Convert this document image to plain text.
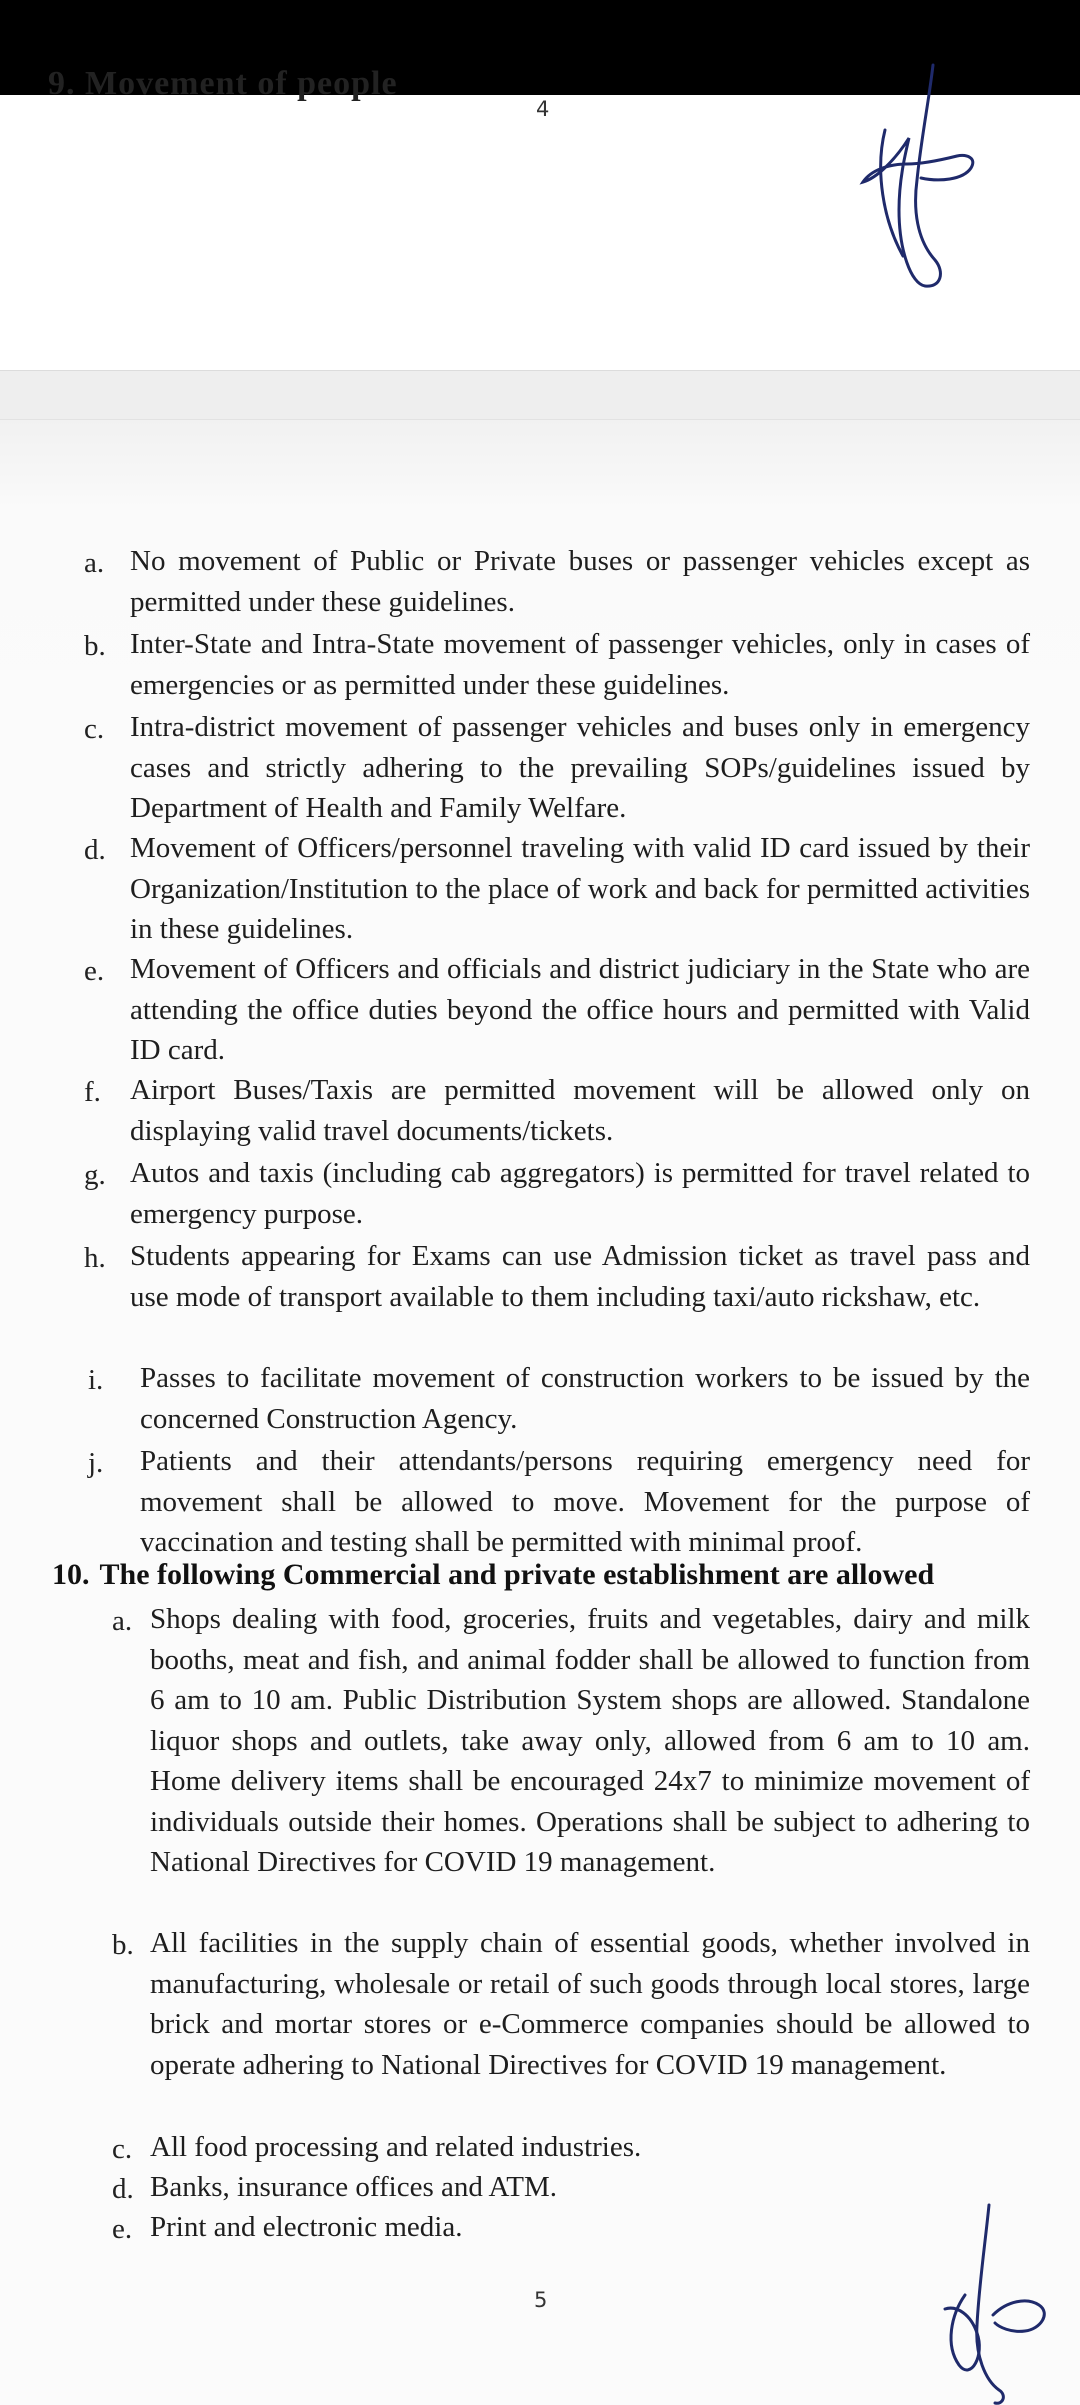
9. Movement of people
4
a. No movement of Public or Private buses or passenger vehicles except as permitted under these guidelines.
b. Inter-State and Intra-State movement of passenger vehicles, only in cases of emergencies or as permitted under these guidelines.
c. Intra-district movement of passenger vehicles and buses only in emergency cases and strictly adhering to the prevailing SOPs/guidelines issued by Department of Health and Family Welfare.
d. Movement of Officers/personnel traveling with valid ID card issued by their Organization/Institution to the place of work and back for permitted activities in these guidelines.
e. Movement of Officers and officials and district judiciary in the State who are attending the office duties beyond the office hours and permitted with Valid ID card.
f. Airport Buses/Taxis are permitted movement will be allowed only on displaying valid travel documents/tickets.
g. Autos and taxis (including cab aggregators) is permitted for travel related to emergency purpose.
h. Students appearing for Exams can use Admission ticket as travel pass and use mode of transport available to them including taxi/auto rickshaw, etc.
i. Passes to facilitate movement of construction workers to be issued by the concerned Construction Agency.
j. Patients and their attendants/persons requiring emergency need for movement shall be allowed to move. Movement for the purpose of vaccination and testing shall be permitted with minimal proof.
10. The following Commercial and private establishment are allowed
a. Shops dealing with food, groceries, fruits and vegetables, dairy and milk booths, meat and fish, and animal fodder shall be allowed to function from 6 am to 10 am. Public Distribution System shops are allowed. Standalone liquor shops and outlets, take away only, allowed from 6 am to 10 am. Home delivery items shall be encouraged 24x7 to minimize movement of individuals outside their homes. Operations shall be subject to adhering to National Directives for COVID 19 management.
b. All facilities in the supply chain of essential goods, whether involved in manufacturing, wholesale or retail of such goods through local stores, large brick and mortar stores or e-Commerce companies should be allowed to operate adhering to National Directives for COVID 19 management.
c. All food processing and related industries.
d. Banks, insurance offices and ATM.
e. Print and electronic media.
5
